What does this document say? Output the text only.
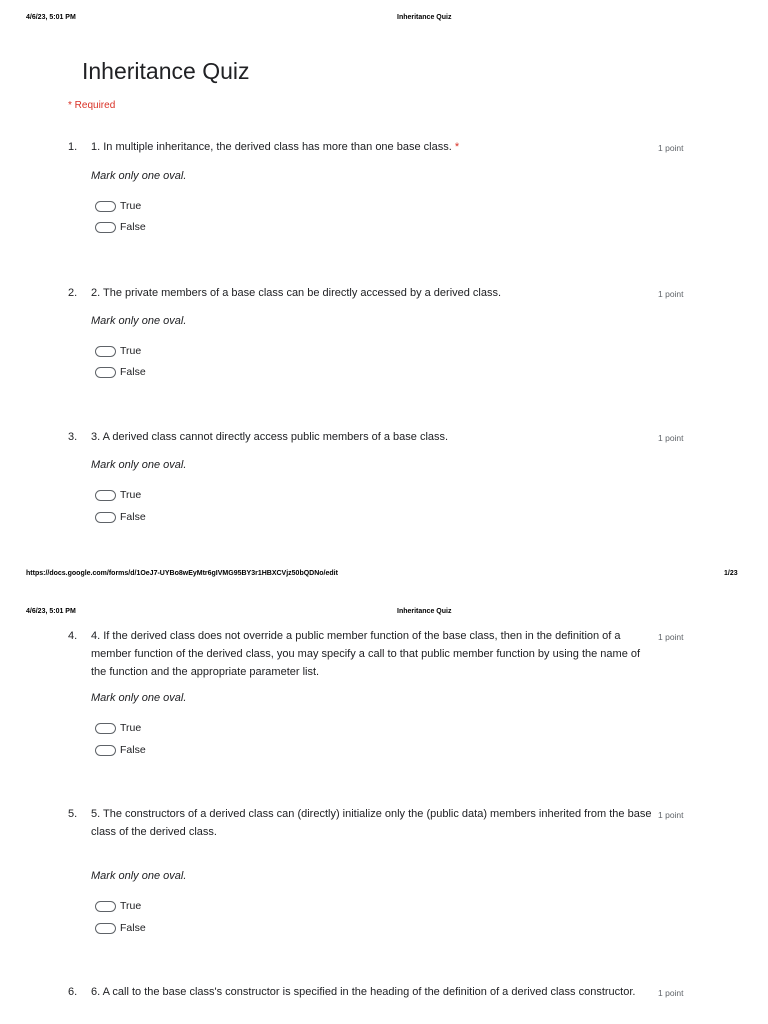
4/6/23, 5:01 PM	Inheritance Quiz
Inheritance Quiz
* Required
1. 1. In multiple inheritance, the derived class has more than one base class. *	1 point
Mark only one oval.
True
False
2. 2. The private members of a base class can be directly accessed by a derived class.	1 point
Mark only one oval.
True
False
3. 3. A derived class cannot directly access public members of a base class.	1 point
Mark only one oval.
True
False
https://docs.google.com/forms/d/1OeJ7-UYBo8wEyMtr6gIVMG95BY3r1HBXCVjz50bQDNo/edit	1/23
4/6/23, 5:01 PM	Inheritance Quiz
4. 4. If the derived class does not override a public member function of the base class, then in the definition of a member function of the derived class, you may specify a call to that public member function by using the name of the function and the appropriate parameter list.
1 point
Mark only one oval.
True
False
5. 5. The constructors of a derived class can (directly) initialize only the (public data) members inherited from the base class of the derived class.
1 point
Mark only one oval.
True
False
6. 6. A call to the base class's constructor is specified in the heading of the definition of a derived class constructor.	1 point
